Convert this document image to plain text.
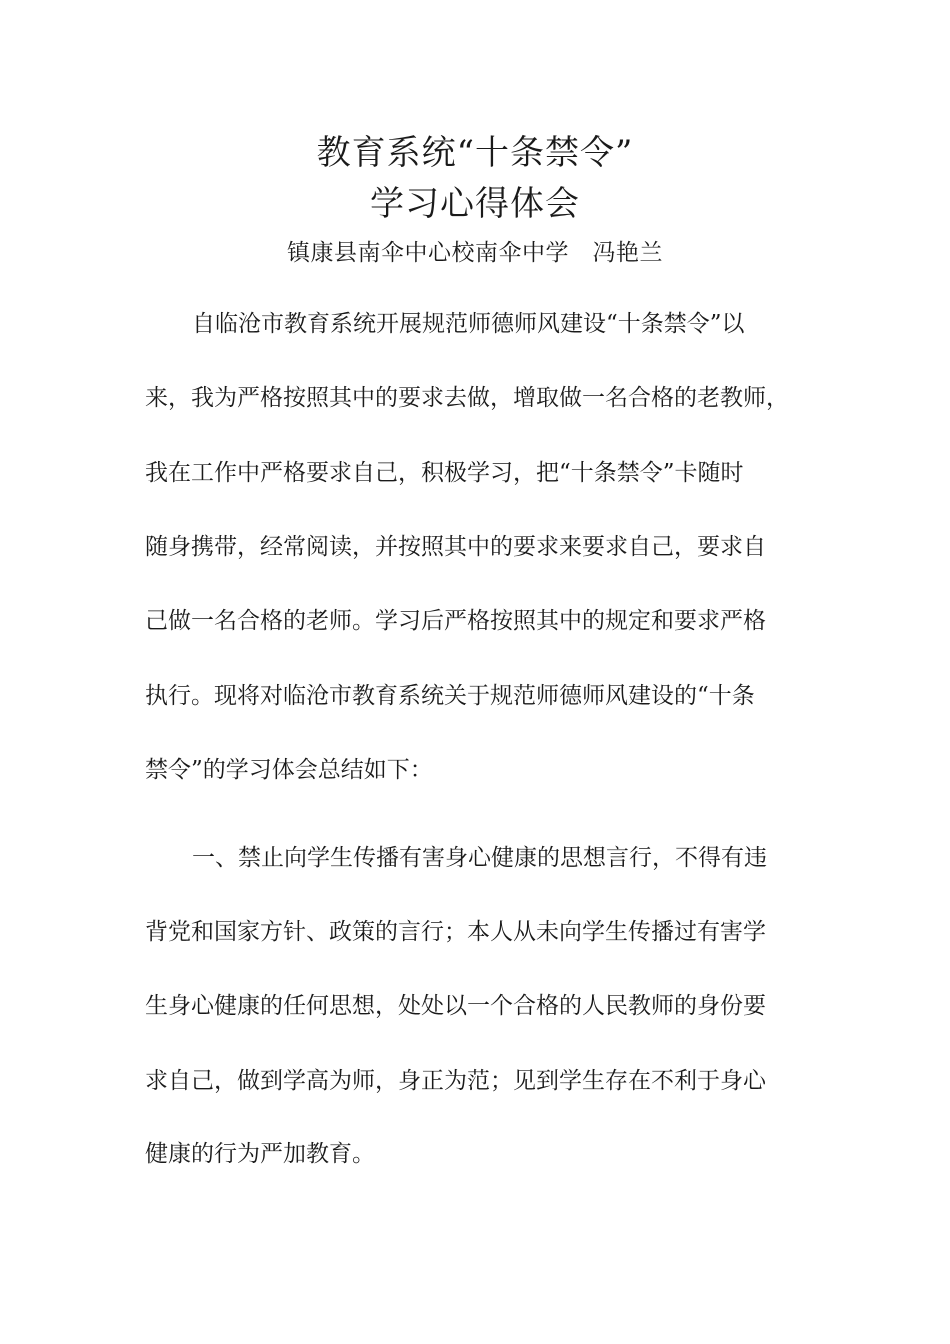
教育系统“十条禁令”
学习心得体会
镇康县南伞中心校南伞中学　冯艳兰

自临沧市教育系统开展规范师德师风建设“十条禁令”以

来，我为严格按照其中的要求去做，增取做一名合格的老教师，

我在工作中严格要求自己，积极学习，把“十条禁令”卡随时

随身携带，经常阅读，并按照其中的要求来要求自己，要求自

己做一名合格的老师。学习后严格按照其中的规定和要求严格

执行。现将对临沧市教育系统关于规范师德师风建设的“十条

禁令”的学习体会总结如下：

一、禁止向学生传播有害身心健康的思想言行，不得有违

背党和国家方针、政策的言行；本人从未向学生传播过有害学

生身心健康的任何思想，处处以一个合格的人民教师的身份要

求自己，做到学高为师，身正为范；见到学生存在不利于身心

健康的行为严加教育。
